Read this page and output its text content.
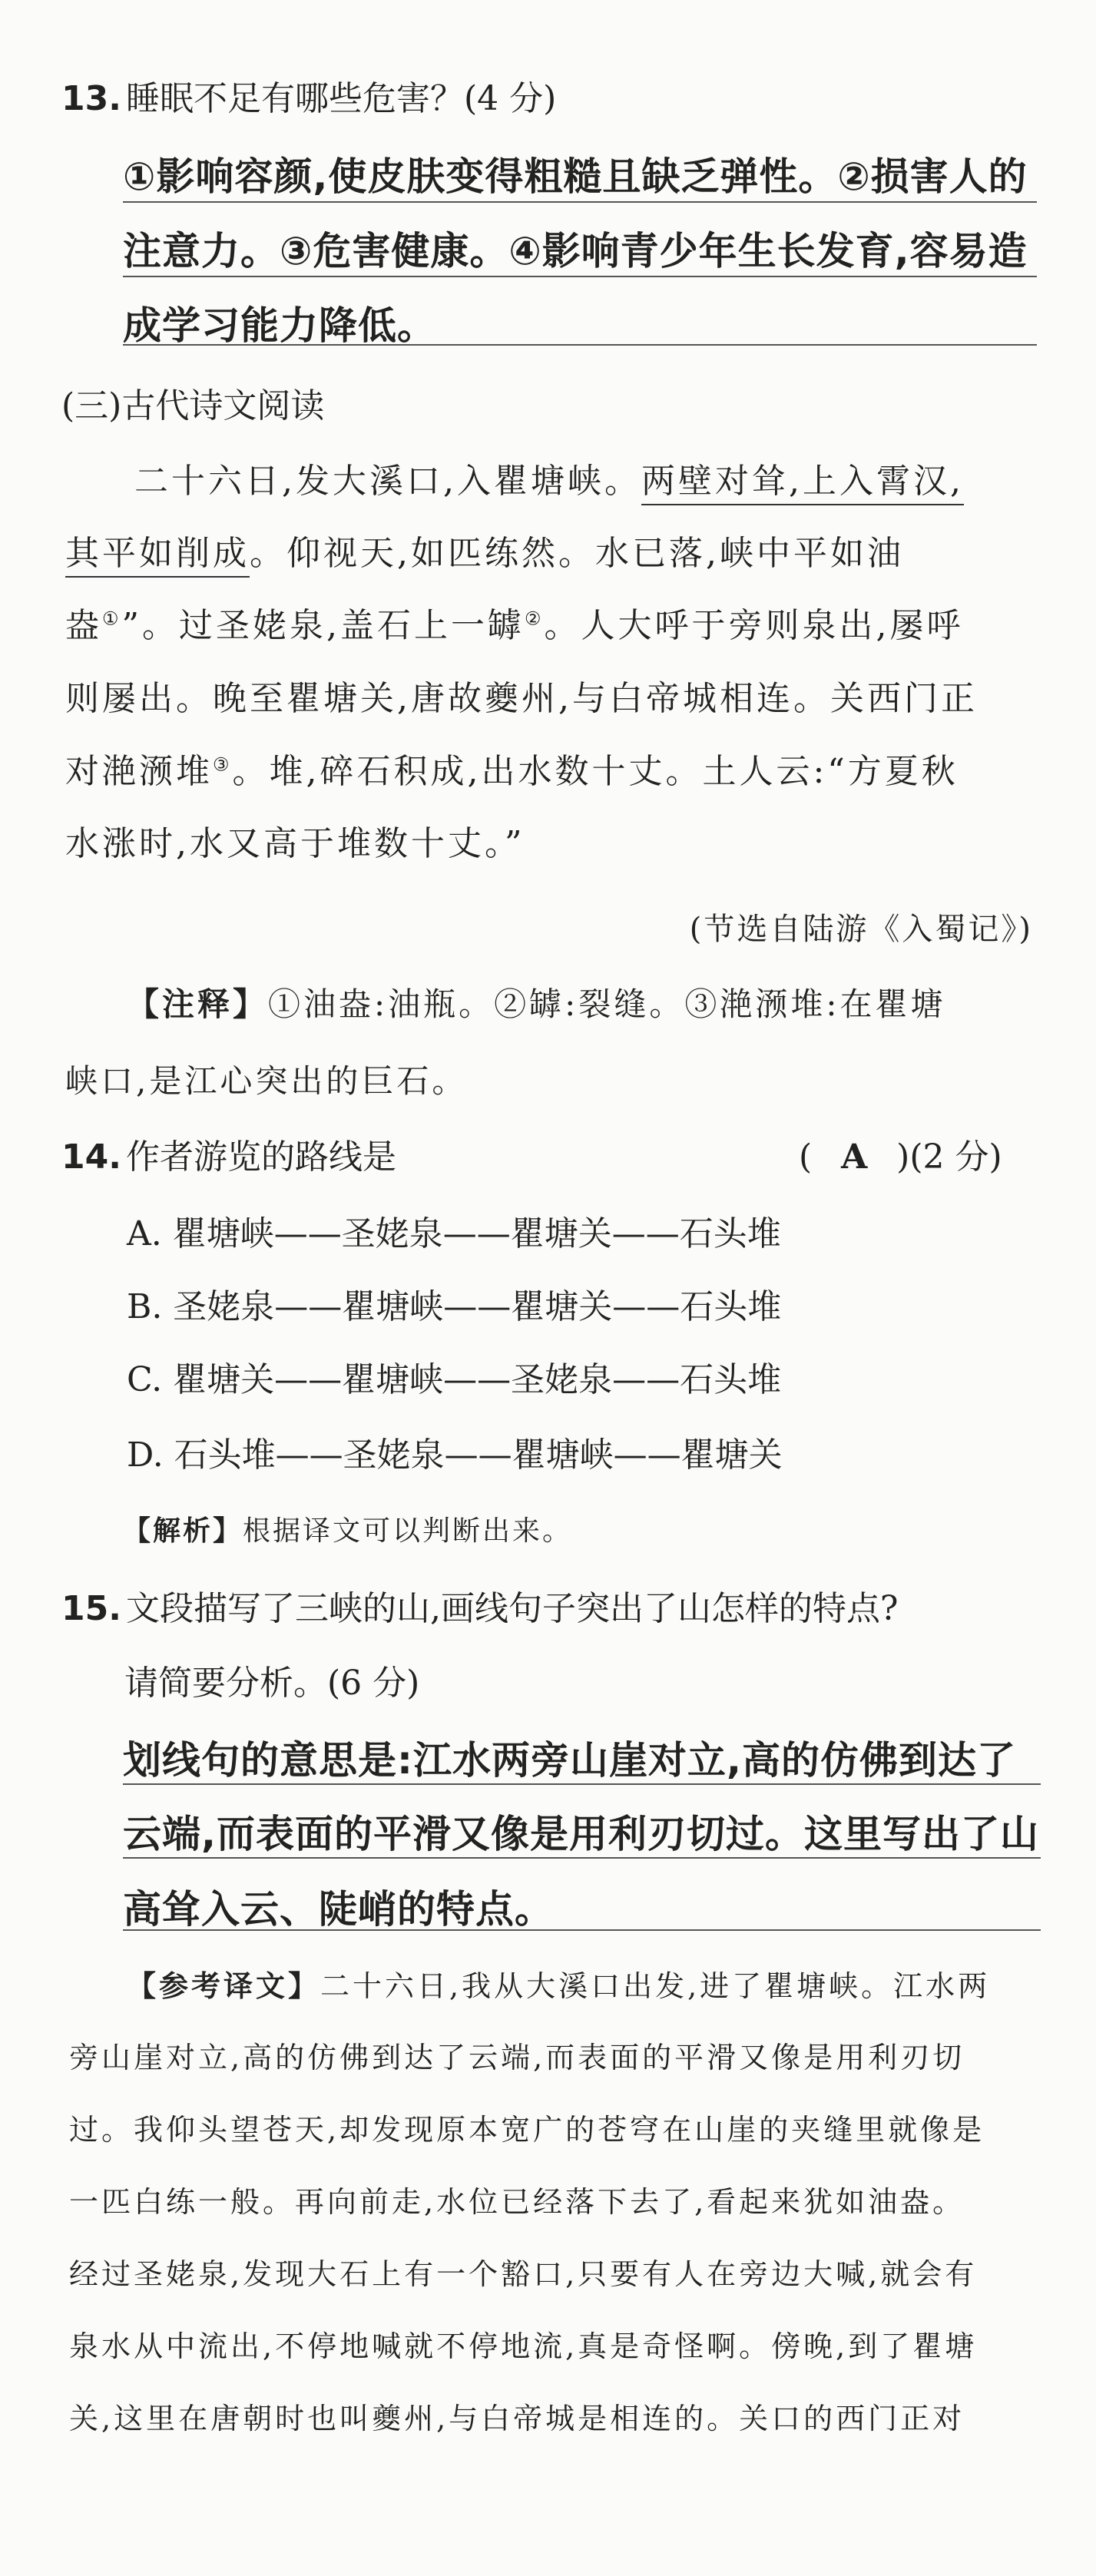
13. 睡眠不足有哪些危害？(4 分)
①影响容颜,使皮肤变得粗糙且缺乏弹性。②损害人的
注意力。③危害健康。④影响青少年生长发育,容易造
成学习能力降低。
(三)古代诗文阅读
二十六日,发大溪口,入瞿塘峡。两壁对耸,上入霄汉,
其平如削成。仰视天,如匹练然。水已落,峡中平如油
盎①”。过圣姥泉,盖石上一罅②。人大呼于旁则泉出,屡呼
则屡出。晚至瞿塘关,唐故夔州,与白帝城相连。关西门正
对滟滪堆③。堆,碎石积成,出水数十丈。土人云:“方夏秋
水涨时,水又高于堆数十丈。”
(节选自陆游《入蜀记》)
【注释】①油盎:油瓶。②罅:裂缝。③滟滪堆:在瞿塘
峡口,是江心突出的巨石。
14. 作者游览的路线是	( A )(2 分)
A. 瞿塘峡——圣姥泉——瞿塘关——石头堆
B. 圣姥泉——瞿塘峡——瞿塘关——石头堆
C. 瞿塘关——瞿塘峡——圣姥泉——石头堆
D. 石头堆——圣姥泉——瞿塘峡——瞿塘关
【解析】根据译文可以判断出来。
15. 文段描写了三峡的山,画线句子突出了山怎样的特点?
请简要分析。(6 分)
划线句的意思是:江水两旁山崖对立,高的仿佛到达了
云端,而表面的平滑又像是用利刃切过。这里写出了山
高耸入云、陡峭的特点。
【参考译文】二十六日,我从大溪口出发,进了瞿塘峡。江水两
旁山崖对立,高的仿佛到达了云端,而表面的平滑又像是用利刃切
过。我仰头望苍天,却发现原本宽广的苍穹在山崖的夹缝里就像是
一匹白练一般。再向前走,水位已经落下去了,看起来犹如油盎。
经过圣姥泉,发现大石上有一个豁口,只要有人在旁边大喊,就会有
泉水从中流出,不停地喊就不停地流,真是奇怪啊。傍晚,到了瞿塘
关,这里在唐朝时也叫夔州,与白帝城是相连的。关口的西门正对
